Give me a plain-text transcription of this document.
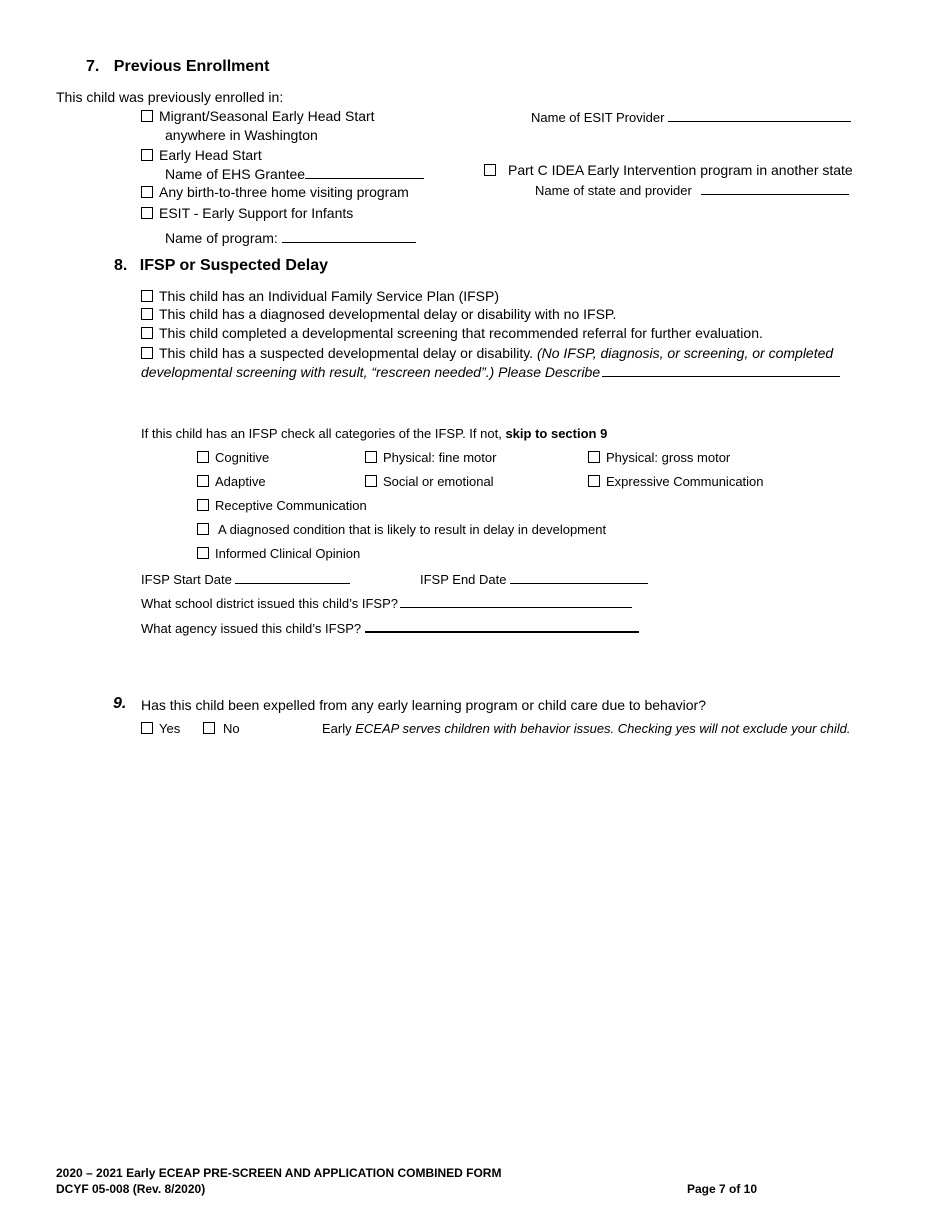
7. Previous Enrollment
This child was previously enrolled in:
Migrant/Seasonal Early Head Start
anywhere in Washington
Early Head Start
Name of EHS Grantee
Any birth-to-three home visiting program
ESIT - Early Support for Infants
Name of program:
Name of ESIT Provider
Part C IDEA Early Intervention program in another state
Name of state and provider
8. IFSP or Suspected Delay
This child has an Individual Family Service Plan (IFSP)
This child has a diagnosed developmental delay or disability with no IFSP.
This child completed a developmental screening that recommended referral for further evaluation.
This child has a suspected developmental delay or disability. (No IFSP, diagnosis, or screening, or completed
developmental screening with result, “rescreen needed”.) Please Describe
If this child has an IFSP check all categories of the IFSP. If not, skip to section 9
Cognitive	Physical: fine motor	Physical: gross motor
Adaptive	Social or emotional	Expressive Communication
Receptive Communication
A diagnosed condition that is likely to result in delay in development
Informed Clinical Opinion
IFSP Start Date	IFSP End Date
What school district issued this child’s IFSP?
What agency issued this child’s IFSP?
9. Has this child been expelled from any early learning program or child care due to behavior?
Yes	No	Early ECEAP serves children with behavior issues. Checking yes will not exclude your child.
2020 – 2021 Early ECEAP PRE-SCREEN AND APPLICATION COMBINED FORM
DCYF 05-008 (Rev. 8/2020)	Page 7 of 10
